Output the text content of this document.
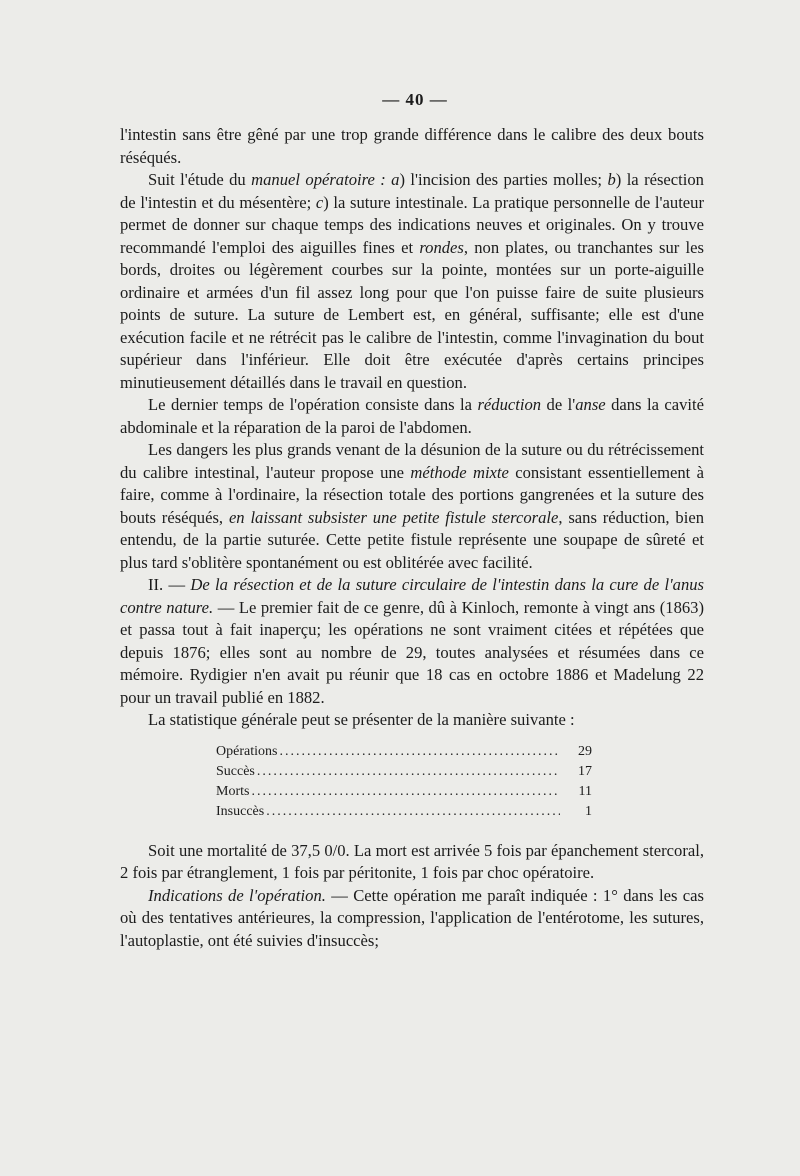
— 40 —

l'intestin sans être gêné par une trop grande différence dans le calibre des deux bouts réséqués.

Suit l'étude du manuel opératoire : a) l'incision des parties molles; b) la résection de l'intestin et du mésentère; c) la suture intestinale. La pratique personnelle de l'auteur permet de donner sur chaque temps des indications neuves et originales. On y trouve recommandé l'emploi des aiguilles fines et rondes, non plates, ou tranchantes sur les bords, droites ou légèrement courbes sur la pointe, montées sur un porte-aiguille ordinaire et armées d'un fil assez long pour que l'on puisse faire de suite plusieurs points de suture. La suture de Lembert est, en général, suffisante; elle est d'une exécution facile et ne rétrécit pas le calibre de l'intestin, comme l'invagination du bout supérieur dans l'inférieur. Elle doit être exécutée d'après certains principes minutieusement détaillés dans le travail en question.

Le dernier temps de l'opération consiste dans la réduction de l'anse dans la cavité abdominale et la réparation de la paroi de l'abdomen.

Les dangers les plus grands venant de la désunion de la suture ou du rétrécissement du calibre intestinal, l'auteur propose une méthode mixte consistant essentiellement à faire, comme à l'ordinaire, la résection totale des portions gangrenées et la suture des bouts réséqués, en laissant subsister une petite fistule stercorale, sans réduction, bien entendu, de la partie suturée. Cette petite fistule représente une soupape de sûreté et plus tard s'oblitère spontanément ou est oblitérée avec facilité.

II. — De la résection et de la suture circulaire de l'intestin dans la cure de l'anus contre nature. — Le premier fait de ce genre, dû à Kinloch, remonte à vingt ans (1863) et passa tout à fait inaperçu; les opérations ne sont vraiment citées et répétées que depuis 1876; elles sont au nombre de 29, toutes analysées et résumées dans ce mémoire. Rydigier n'en avait pu réunir que 18 cas en octobre 1886 et Madelung 22 pour un travail publié en 1882.

La statistique générale peut se présenter de la manière suivante :

Opérations .....	29
Succès .....	17
Morts .....	11
Insuccès .....	1

Soit une mortalité de 37,5 0/0. La mort est arrivée 5 fois par épanchement stercoral, 2 fois par étranglement, 1 fois par péritonite, 1 fois par choc opératoire.

Indications de l'opération. — Cette opération me paraît indiquée : 1° dans les cas où des tentatives antérieures, la compression, l'application de l'entérotome, les sutures, l'autoplastie, ont été suivies d'insuccès;
